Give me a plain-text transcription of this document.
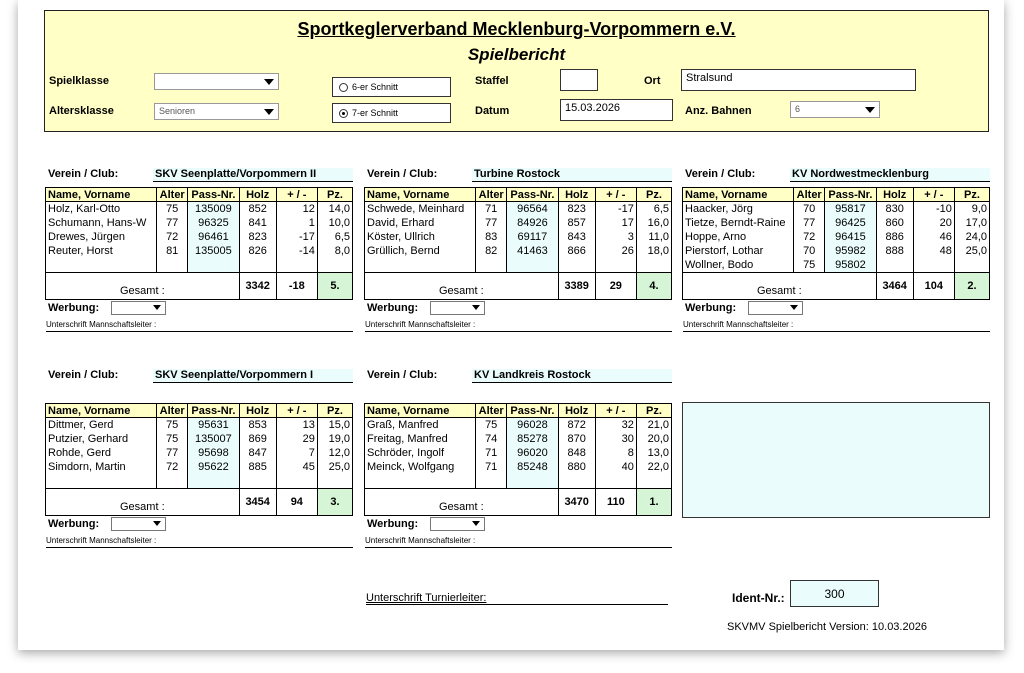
Sportkeglerverband Mecklenburg-Vorpommern e.V.
Spielbericht
Spielklasse
Altersklasse	Senioren
6-er Schnitt
7-er Schnitt
Staffel
Datum	15.03.2026
Ort	Stralsund
Anz. Bahnen	6
Verein / Club:	SKV Seenplatte/Vorpommern II
Name, Vorname	Alter	Pass-Nr.	Holz	+ / -	Pz.
Holz, Karl-Otto	75	135009	852	12	14,0
Schumann, Hans-W	77	96325	841	1	10,0
Drewes, Jürgen	72	96461	823	-17	6,5
Reuter, Horst	81	135005	826	-14	8,0

Gesamt :			3342	-18	5.
Werbung:
Unterschrift Mannschaftsleiter :
Verein / Club:	Turbine Rostock
Name, Vorname	Alter	Pass-Nr.	Holz	+ / -	Pz.
Schwede, Meinhard	71	96564	823	-17	6,5
David, Erhard	77	84926	857	17	16,0
Köster, Ullrich	83	69117	843	3	11,0
Grüllich, Bernd	82	41463	866	26	18,0

Gesamt :			3389	29	4.
Werbung:
Unterschrift Mannschaftsleiter :
Verein / Club:	KV Nordwestmecklenburg
Name, Vorname	Alter	Pass-Nr.	Holz	+ / -	Pz.
Haacker, Jörg	70	95817	830	-10	9,0
Tietze, Berndt-Raine	77	96425	860	20	17,0
Hoppe, Arno	72	96415	886	46	24,0
Pierstorf, Lothar	70	95982	888	48	25,0
Wollner, Bodo	75	95802			
Gesamt :			3464	104	2.
Werbung:
Unterschrift Mannschaftsleiter :
Verein / Club:	SKV Seenplatte/Vorpommern I
Name, Vorname	Alter	Pass-Nr.	Holz	+ / -	Pz.
Dittmer, Gerd	75	95631	853	13	15,0
Putzier, Gerhard	75	135007	869	29	19,0
Rohde, Gerd	77	95698	847	7	12,0
Simdorn, Martin	72	95622	885	45	25,0

Gesamt :			3454	94	3.
Werbung:
Unterschrift Mannschaftsleiter :
Verein / Club:	KV Landkreis Rostock
Name, Vorname	Alter	Pass-Nr.	Holz	+ / -	Pz.
Graß, Manfred	75	96028	872	32	21,0
Freitag, Manfred	74	85278	870	30	20,0
Schröder, Ingolf	71	96020	848	8	13,0
Meinck, Wolfgang	71	85248	880	40	22,0

Gesamt :			3470	110	1.
Werbung:
Unterschrift Mannschaftsleiter :
Unterschrift Turnierleiter:	Ident-Nr.:	300
SKVMV Spielbericht Version: 10.03.2026
